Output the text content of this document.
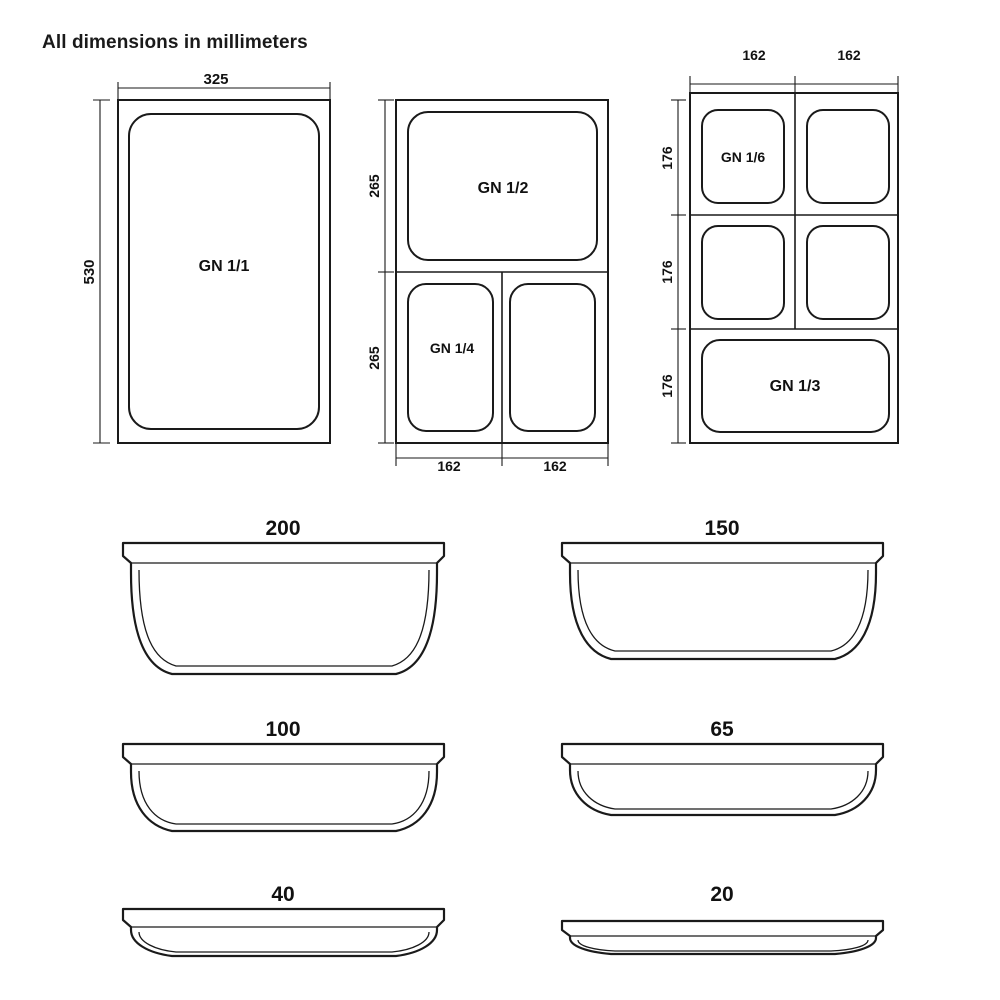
All dimensions in millimeters
325
530	GN 1/1
265
265
GN 1/2
GN 1/4
162	162
162	162
176
176
176
GN 1/6
GN 1/3
200	150
100	65
40	20
